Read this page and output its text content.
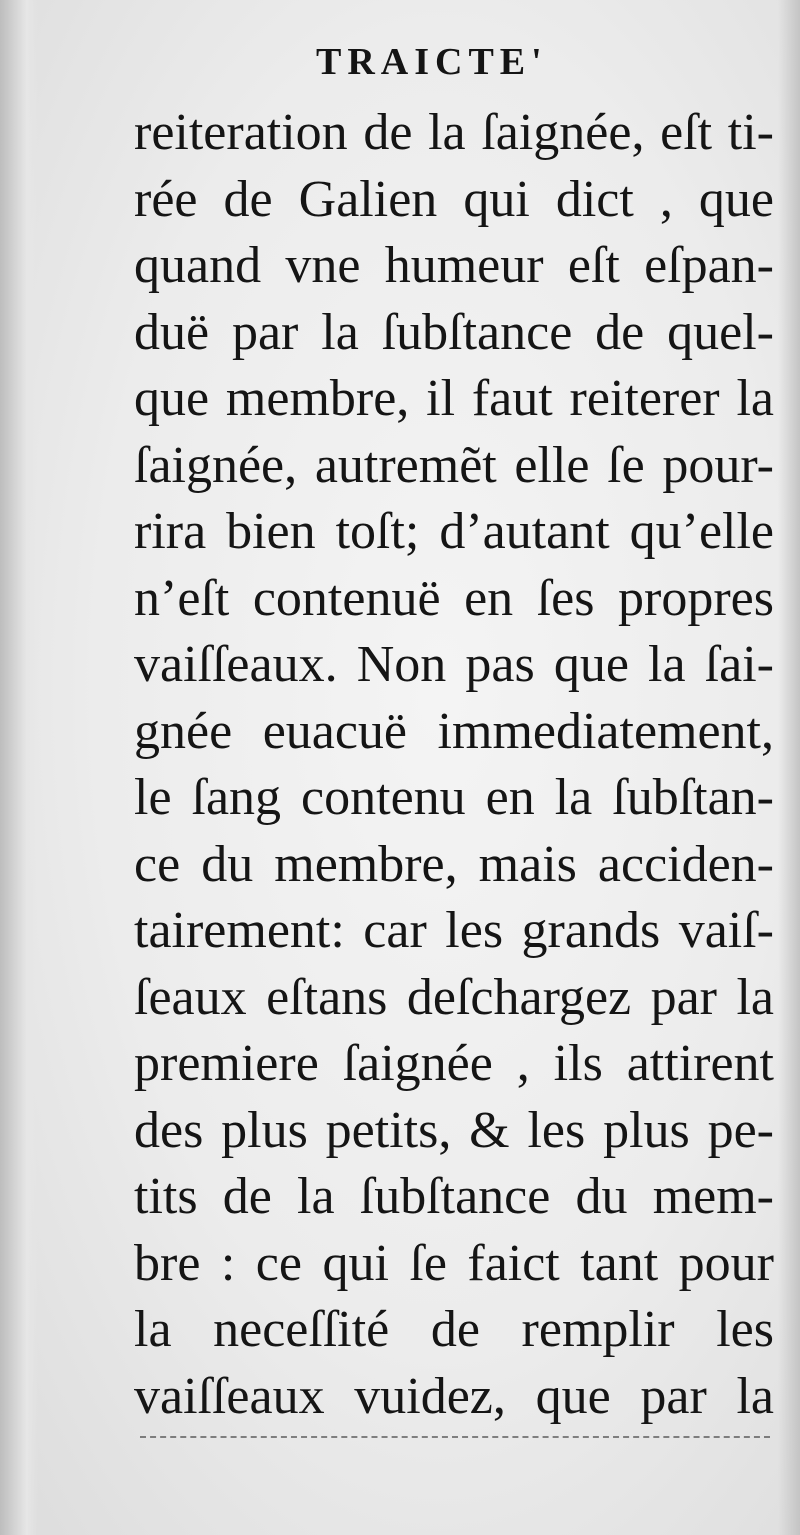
TRAICTE'
reiteration de la ſaignée, eſt ti-
rée de Galien qui dict , que
quand vne humeur eſt eſpan-
duë par la ſubſtance de quel-
que membre, il faut reiterer la
ſaignée, autremẽt elle ſe pour-
rira bien toſt; d’autant qu’elle
n’eſt contenuë en ſes propres
vaiſſeaux. Non pas que la ſai-
gnée euacuë immediatement,
le ſang contenu en la ſubſtan-
ce du membre, mais acciden-
tairement: car les grands vaiſ-
ſeaux eſtans deſchargez par la
premiere ſaignée , ils attirent
des plus petits, & les plus pe-
tits de la ſubſtance du mem-
bre : ce qui ſe faict tant pour
la neceſſité de remplir les
vaiſſeaux vuidez, que par la
